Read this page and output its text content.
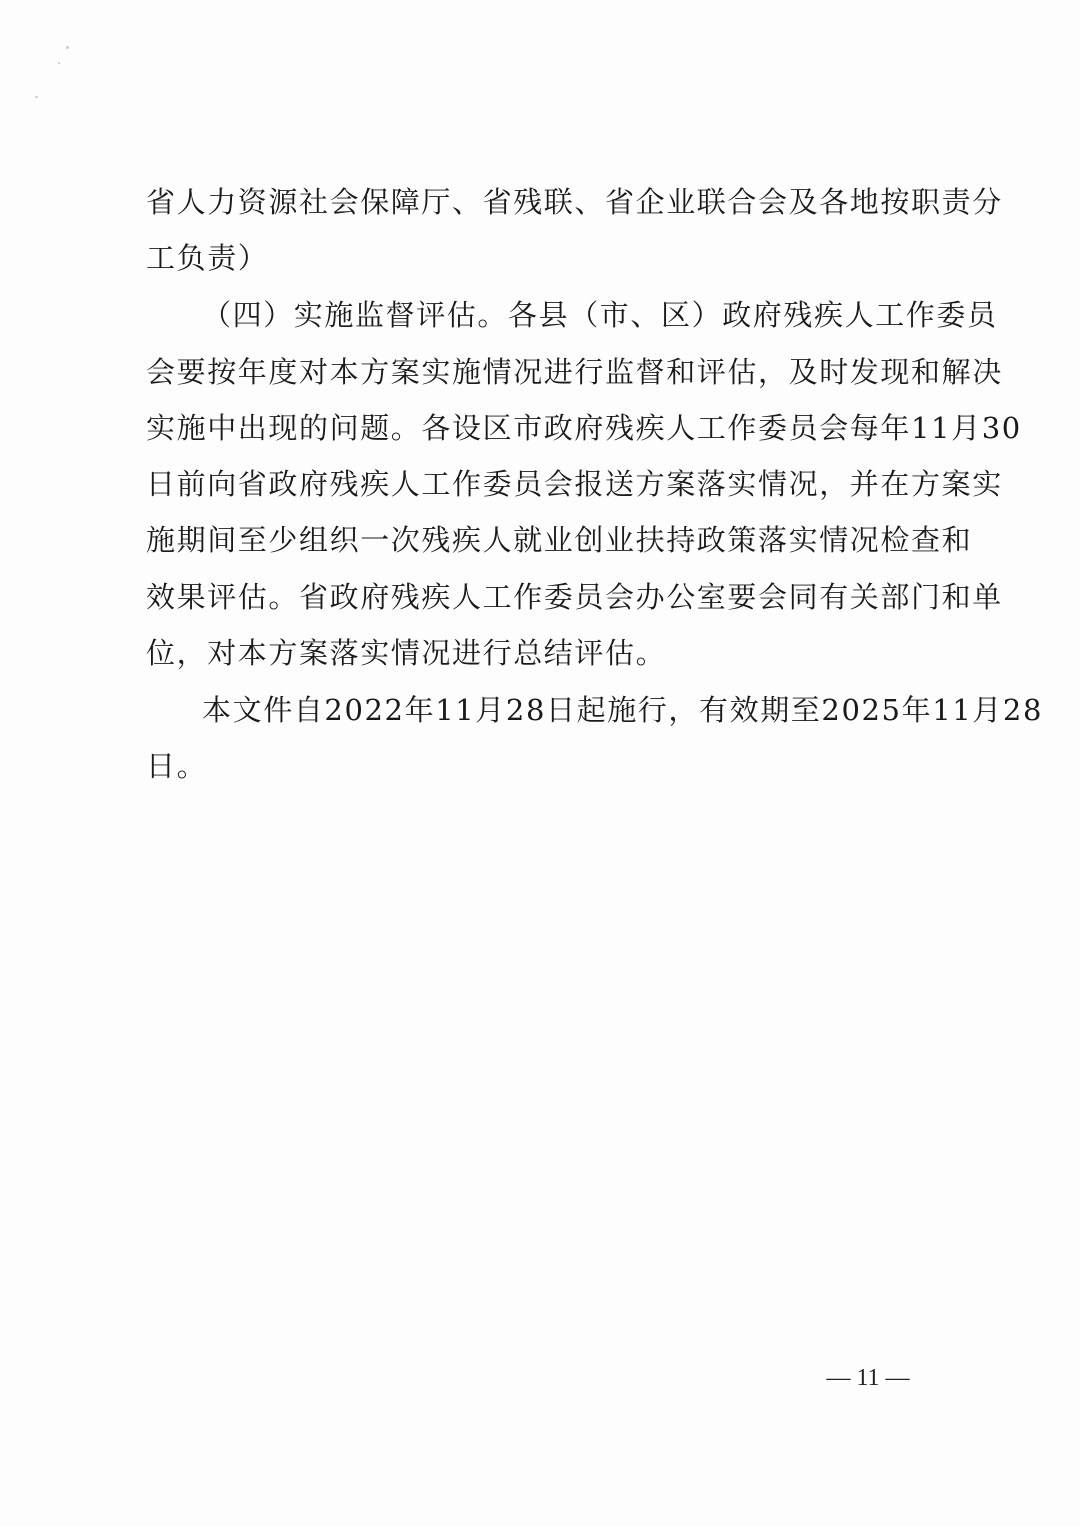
省人力资源社会保障厅、省残联、省企业联合会及各地按职责分
工负责）
（四）实施监督评估。各县（市、区）政府残疾人工作委员
会要按年度对本方案实施情况进行监督和评估，及时发现和解决
实施中出现的问题。各设区市政府残疾人工作委员会每年11月30
日前向省政府残疾人工作委员会报送方案落实情况，并在方案实
施期间至少组织一次残疾人就业创业扶持政策落实情况检查和
效果评估。省政府残疾人工作委员会办公室要会同有关部门和单
位，对本方案落实情况进行总结评估。
本文件自2022年11月28日起施行，有效期至2025年11月28
日。
— 11 —
